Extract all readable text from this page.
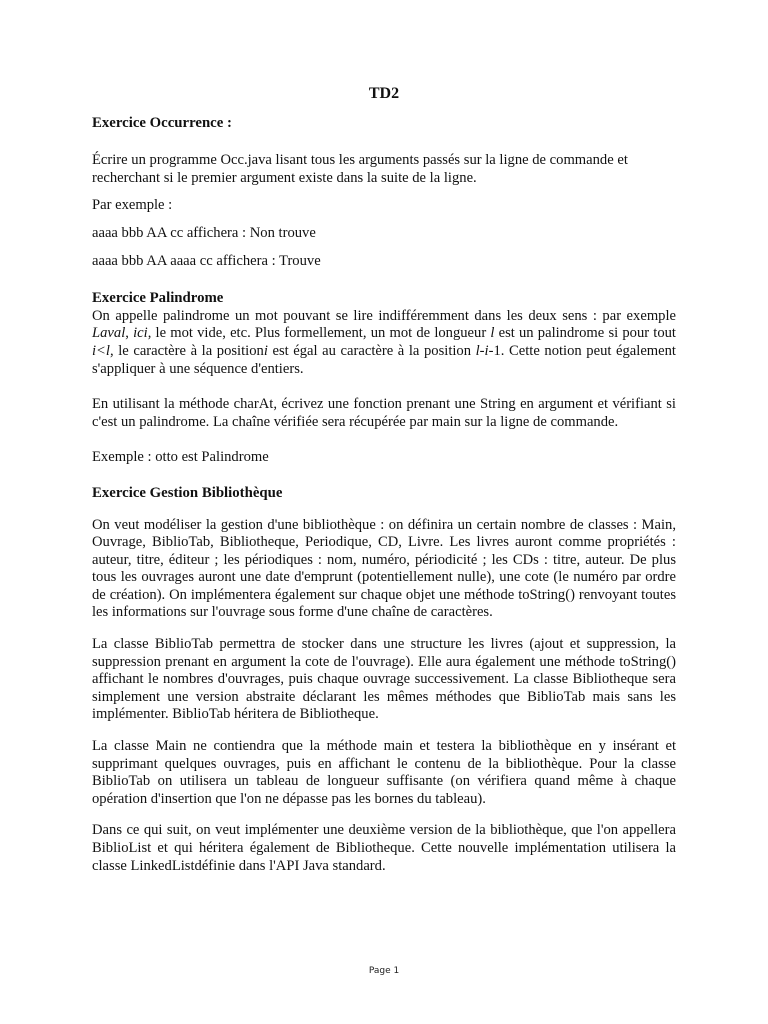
TD2
Exercice Occurrence :

Écrire un programme Occ.java lisant tous les arguments passés sur la ligne de commande et recherchant si le premier argument existe dans la suite de la ligne.

Par exemple :

aaaa bbb AA cc affichera : Non trouve

aaaa bbb AA aaaa cc affichera : Trouve

Exercice Palindrome

On appelle palindrome un mot pouvant se lire indifféremment dans les deux sens : par exemple Laval, ici, le mot vide, etc. Plus formellement, un mot de longueur l est un palindrome si pour tout i<l, le caractère à la positioni est égal au caractère à la position l-i-1. Cette notion peut également s'appliquer à une séquence d'entiers.

En utilisant la méthode charAt, écrivez une fonction prenant une String en argument et vérifiant si c'est un palindrome. La chaîne vérifiée sera récupérée par main sur la ligne de commande.

Exemple : otto est Palindrome

Exercice Gestion Bibliothèque

On veut modéliser la gestion d'une bibliothèque : on définira un certain nombre de classes : Main, Ouvrage, BiblioTab, Bibliotheque, Periodique, CD, Livre. Les livres auront comme propriétés : auteur, titre, éditeur ; les périodiques : nom, numéro, périodicité ; les CDs : titre, auteur. De plus tous les ouvrages auront une date d'emprunt (potentiellement nulle), une cote (le numéro par ordre de création). On implémentera également sur chaque objet une méthode toString() renvoyant toutes les informations sur l'ouvrage sous forme d'une chaîne de caractères.

La classe BiblioTab permettra de stocker dans une structure les livres (ajout et suppression, la suppression prenant en argument la cote de l'ouvrage). Elle aura également une méthode toString() affichant le nombres d'ouvrages, puis chaque ouvrage successivement. La classe Bibliotheque sera simplement une version abstraite déclarant les mêmes méthodes que BiblioTab mais sans les implémenter. BiblioTab héritera de Bibliotheque.

La classe Main ne contiendra que la méthode main et testera la bibliothèque en y insérant et supprimant quelques ouvrages, puis en affichant le contenu de la bibliothèque. Pour la classe BiblioTab on utilisera un tableau de longueur suffisante (on vérifiera quand même à chaque opération d'insertion que l'on ne dépasse pas les bornes du tableau).

Dans ce qui suit, on veut implémenter une deuxième version de la bibliothèque, que l'on appellera BiblioList et qui héritera également de Bibliotheque. Cette nouvelle implémentation utilisera la classe LinkedListdéfinie dans l'API Java standard.

Page 1
